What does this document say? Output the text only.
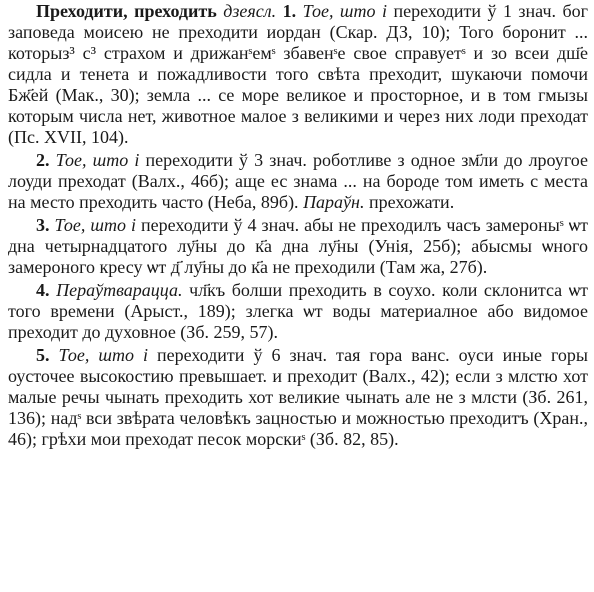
Преходити, преходить дзеясл. 1. Тое, што і переходити ў 1 знач. бог заповеда моисею не преходити иордан (Скар. ДЗ, 10); Того боронит ... которыз³ с³ страхом и дрижанˢемˢ збавенˢе свое справуетˢ и зо всеи дш҃е сидла и тенета и пожадливости того свѣта преходит, шукаючи помочи Бж҃ей (Мак., 30); земла ... се море великое и просторное, и в том гмызы которым числа нет, животное малое з великими и через них лоди преходат (Пс. XVII, 104).

2. Тое, што і переходити ў 3 знач. роботливе з одное зм҃ли до лроугое лоуди преходат (Валх., 46б); аще ес знама ... на бороде том иметь с места на место преходить часто (Неба, 89б). Параўн. прехожати.

3. Тое, што і переходити ў 4 знач. абы не преходилъ часъ замероныˢ ѡт дна четырнадцатого лу҃ны до к҃а дна лу҃ны (Унія, 25б); абысмы ѡного замероного кресу ѡт д҃ лу҃ны до к҃а не преходили (Там жа, 27б).

4. Пераўтварацца. чл҃къ болши преходить в соухо. коли склонитса ѡт того времени (Арыст., 189); злегка ѡт воды материалное або видомое преходит до духовное (Зб. 259, 57).

5. Тое, што і переходити ў 6 знач. тая гора ванс. оуси иные горы оусточее высокостию превышает. и преходит (Валх., 42); если з млстю хот малые речы чынать преходить хот великие чынать але не з млсти (Зб. 261, 136); надˢ вси звѣрата человѣкъ зацностью и можностью преходитъ (Хран., 46); грѣхи мои преходат песок морскиˢ (Зб. 82, 85).
